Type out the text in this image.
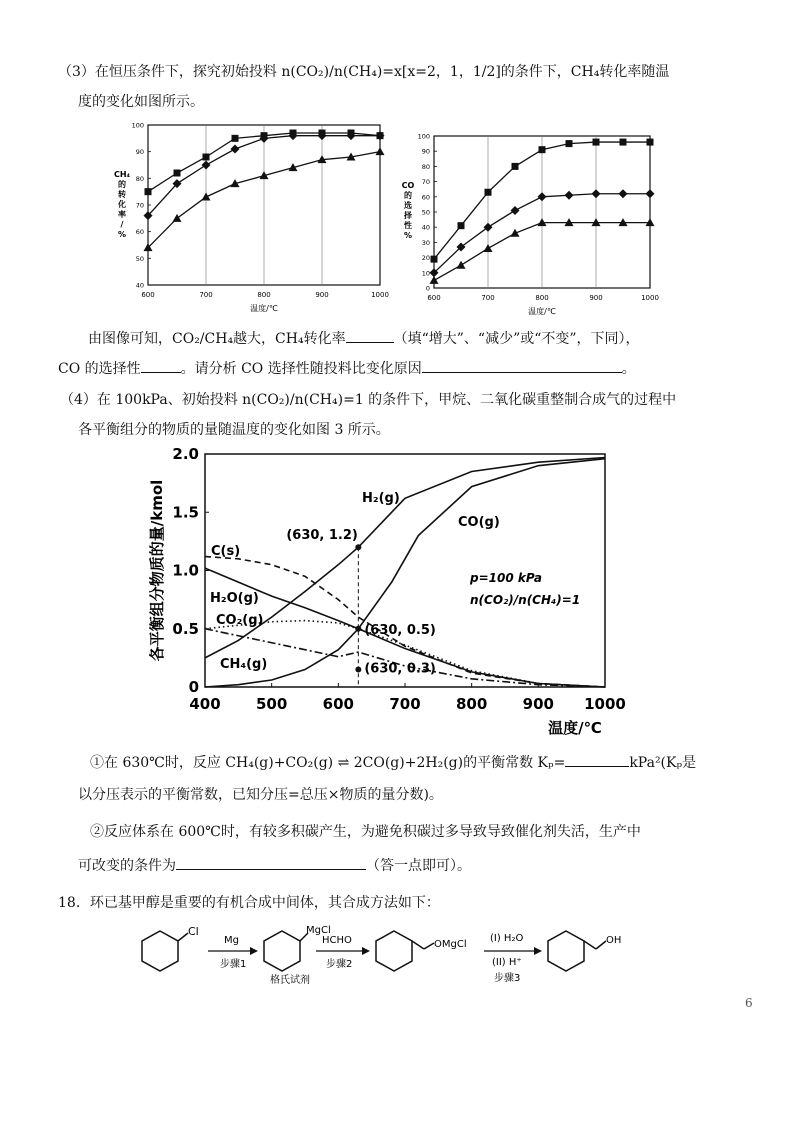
（3）在恒压条件下，探究初始投料 n(CO₂)/n(CH₄)=x[x=2，1，1/2]的条件下，CH₄转化率随温
度的变化如图所示。
600	700	800	900	1000
40
50
60
70
80
90
100
温度/℃
CH₄
的
转
化
率
/
%
600	700	800	900	1000
0
10
20
30
40
50
60
70
80
90
100
温度/℃
CO
的
选
择
性
%
由图像可知，CO₂/CH₄越大，CH₄转化率	（填“增大”、“减少”或“不变”，下同），
CO 的选择性	。请分析 CO 选择性随投料比变化原因	。
（4）在 100kPa、初始投料 n(CO₂)/n(CH₄)=1 的条件下，甲烷、二氧化碳重整制合成气的过程中
各平衡组分的物质的量随温度的变化如图 3 所示。
400 500 600 700 800 900 1000
0
0.5
1.0
1.5
2.0
温度/℃
各平衡组分物质的量/kmol	H₂(g)
CO(g)
C(s)
H₂O(g)
CO₂(g)
CH₄(g)
(630, 1.2)
(630, 0.5)
(630, 0.3)
p=100 kPa
n(CO₂)/n(CH₄)=1
①在 630℃时，反应 CH₄(g)+CO₂(g) ⇌ 2CO(g)+2H₂(g)的平衡常数 Kₚ=	kPa²(Kₚ是
以分压表示的平衡常数，已知分压=总压×物质的量分数)。
②反应体系在 600℃时，有较多积碳产生，为避免积碳过多导致导致催化剂失活，生产中
可改变的条件为	（答一点即可）。
18．环已基甲醇是重要的有机合成中间体，其合成方法如下：
Cl
Mg
步骤1
MgCl
格氏试剂
HCHO
步骤2
OMgCl
(I) H₂O
(II) H⁺
步骤3
OH
6
